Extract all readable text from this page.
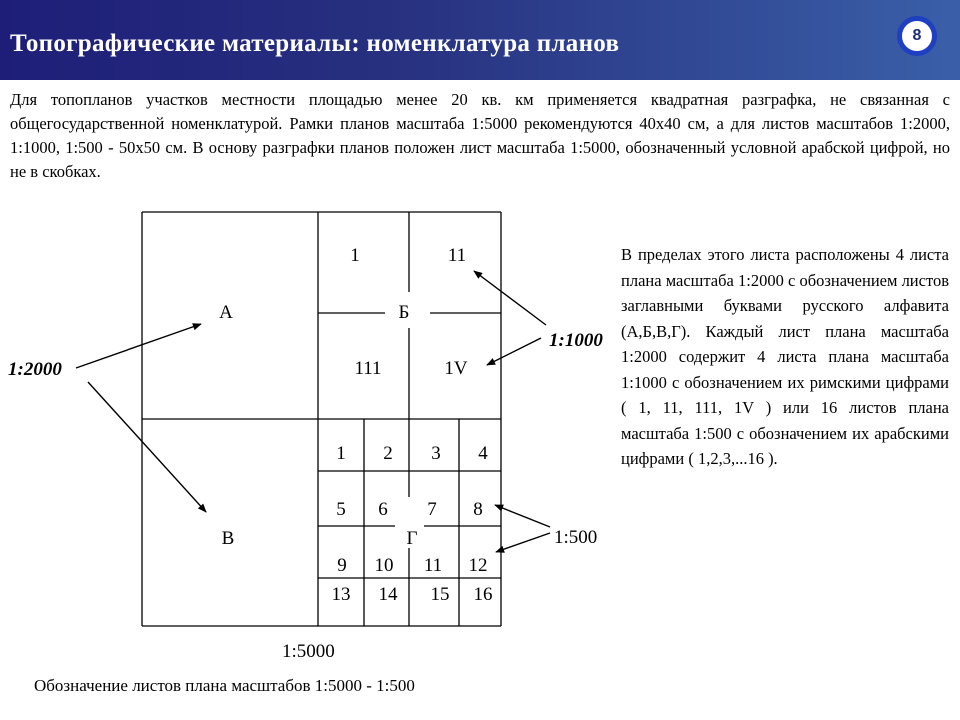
Топографические материалы: номенклатура планов	8
Для топопланов участков местности площадью менее 20 кв. км применяется квадратная разграфка, не связанная с общегосударственной номенклатурой. Рамки планов масштаба 1:5000 рекомендуются 40х40 см, а для листов масштабов 1:2000, 1:1000, 1:500 - 50х50 см. В основу разграфки планов положен лист масштаба 1:5000, обозначенный условной арабской цифрой, но не в скобках.
А	Б
В	Г
1	11
111	1V
1 2 3 4
5 6 7 8
9 10 11 12
13 14 15 16
1:2000
1:1000
1:500
1:5000
В пределах этого листа расположены 4 листа плана масштаба 1:2000 с обозначением листов заглавными буквами русского алфавита (А,Б,В,Г). Каждый лист плана масштаба 1:2000 содержит 4 листа плана масштаба 1:1000 с обозначением их римскими цифрами ( 1, 11, 111, 1V ) или 16 листов плана масштаба 1:500 с обозначением их арабскими цифрами ( 1,2,3,...16 ).
Обозначение листов плана масштабов 1:5000 - 1:500
